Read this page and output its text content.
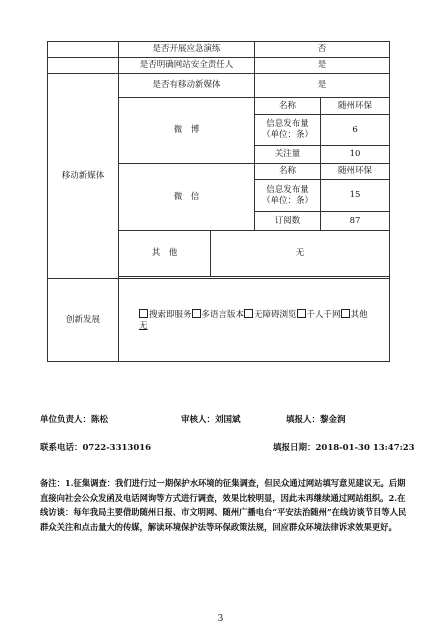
	是否开展应急演练		否	
	是否明确网站安全责任人		是	
移动新媒体	是否有移动新媒体		是	
	微　博		名称	随州环保
			信息发布量
（单位：条）	6
			关注量	10
	微　信		名称	随州环保
			信息发布量
（单位：条）	15
			订阅数	87
	其　他	无		

创新发展	搜索即服务 多语言版本 无障碍浏览 千人千网 其他
无			
单位负责人：陈松	审核人：刘国斌	填报人：黎金润
联系电话：0722-3313016	填报日期：2018-01-30 13:47:23
备注：1.征集调查：我们进行过一期保护水环境的征集调查，但民众通过网站填写意见建议无。后期直接向社会公众发函及电话网询等方式进行调查，效果比较明显，因此未再继续通过网站组织。2.在线访谈：每年我局主要借助随州日报、市文明网、随州广播电台“平安法治随州”在线访谈节目等人民群众关注和点击量大的传媒，解读环境保护法等环保政策法规，回应群众环境法律诉求效果更好。
3
